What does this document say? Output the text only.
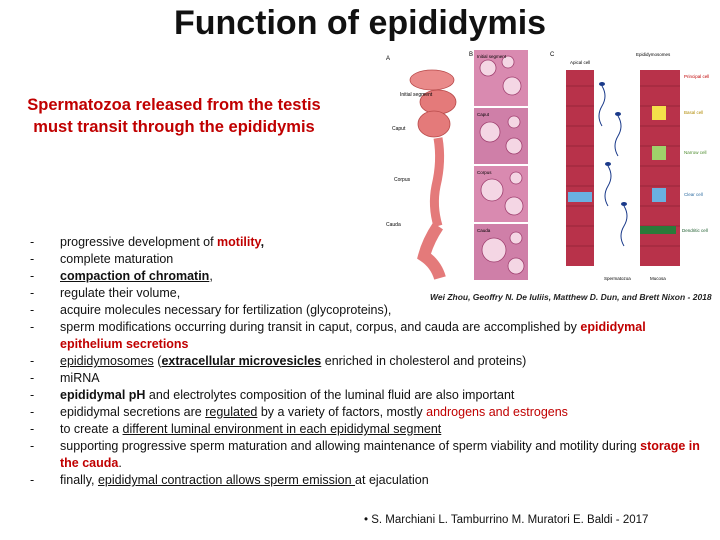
Function of epididymis
Spermatozoa released from the testis
must transit through the epididymis
A
Initial segment
Caput
Corpus
Cauda
B Initial segment
Caput
Corpus
Cauda
C
Apical cell
Epididymosomes
Principal cell
Basal cell
Narrow cell
Clear cell
Dendritic cell
Spermatozoa	Mucosa
Wei Zhou, Geoffry N. De Iuliis, Matthew D. Dun, and Brett Nixon - 2018
- progressive development of motility,
- complete maturation
- compaction of chromatin,
- regulate their volume,
- acquire molecules necessary for fertilization (glycoproteins),
- sperm modifications occurring during transit in caput, corpus, and cauda are accomplished by epididymal epithelium secretions
- epididymosomes (extracellular microvesicles enriched in cholesterol and proteins)
- miRNA
- epididymal pH and electrolytes composition of the luminal fluid are also important
- epididymal secretions are regulated by a variety of factors, mostly androgens and estrogens
- to create a different luminal environment in each epididymal segment
- supporting progressive sperm maturation and allowing maintenance of sperm viability and motility during storage in the cauda.
- finally, epididymal contraction allows sperm emission at ejaculation
• S. Marchiani L. Tamburrino M. Muratori E. Baldi - 2017
